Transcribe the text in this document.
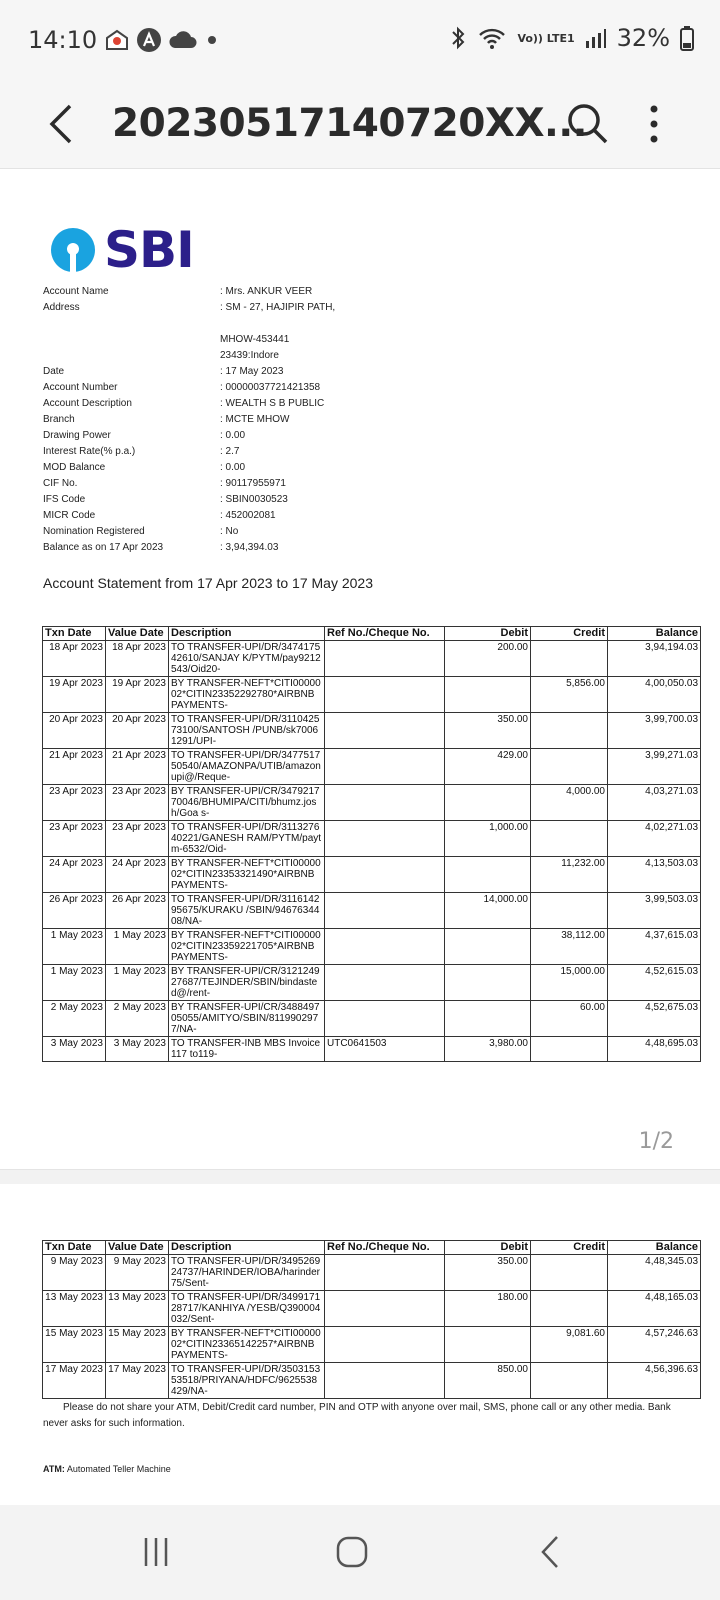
14:10	Vo)) LTE1 32%
20230517140720XX...
SBI
Account Name	: Mrs. ANKUR VEER
Address	: SM - 27, HAJIPIR PATH,
MHOW-453441
23439:Indore
Date	: 17 May 2023
Account Number	: 00000037721421358
Account Description	: WEALTH S B PUBLIC
Branch	: MCTE MHOW
Drawing Power	: 0.00
Interest Rate(% p.a.)	: 2.7
MOD Balance	: 0.00
CIF No.	: 90117955971
IFS Code	: SBIN0030523
MICR Code	: 452002081
Nomination Registered	: No
Balance as on 17 Apr 2023	: 3,94,394.03
Account Statement from 17 Apr 2023 to 17 May 2023
Txn Date	Value Date	Description	Ref No./Cheque No.	Debit	Credit	Balance
18 Apr 2023	18 Apr 2023	TO TRANSFER-UPI/DR/347417542610/SANJAY K/PYTM/pay9212543/Oid20-		200.00		3,94,194.03
19 Apr 2023	19 Apr 2023	BY TRANSFER-NEFT*CITI0000002*CITIN23352292780*AIRBNB PAYMENTS-			5,856.00	4,00,050.03
20 Apr 2023	20 Apr 2023	TO TRANSFER-UPI/DR/311042573100/SANTOSH /PUNB/sk70061291/UPI-		350.00		3,99,700.03
21 Apr 2023	21 Apr 2023	TO TRANSFER-UPI/DR/347751750540/AMAZONPA/UTIB/amazonupi@/Reque-		429.00		3,99,271.03
23 Apr 2023	23 Apr 2023	BY TRANSFER-UPI/CR/347921770046/BHUMIPA/CITI/bhumz.josh/Goa s-			4,000.00	4,03,271.03
23 Apr 2023	23 Apr 2023	TO TRANSFER-UPI/DR/311327640221/GANESH RAM/PYTM/paytm-6532/Oid-		1,000.00		4,02,271.03
24 Apr 2023	24 Apr 2023	BY TRANSFER-NEFT*CITI0000002*CITIN23353321490*AIRBNB PAYMENTS-			11,232.00	4,13,503.03
26 Apr 2023	26 Apr 2023	TO TRANSFER-UPI/DR/311614295675/KURAKU /SBIN/9467634408/NA-		14,000.00		3,99,503.03
1 May 2023	1 May 2023	BY TRANSFER-NEFT*CITI0000002*CITIN23359221705*AIRBNB PAYMENTS-			38,112.00	4,37,615.03
1 May 2023	1 May 2023	BY TRANSFER-UPI/CR/312124927687/TEJINDER/SBIN/bindasted@/rent-			15,000.00	4,52,615.03
2 May 2023	2 May 2023	BY TRANSFER-UPI/CR/348849705055/AMITYO/SBIN/8119902977/NA-			60.00	4,52,675.03
3 May 2023	3 May 2023	TO TRANSFER-INB MBS Invoice 117 to119-	UTC0641503	3,980.00		4,48,695.03
1/2
Txn Date	Value Date	Description	Ref No./Cheque No.	Debit	Credit	Balance
9 May 2023	9 May 2023	TO TRANSFER-UPI/DR/349526924737/HARINDER/IOBA/harinder75/Sent-		350.00		4,48,345.03
13 May 2023	13 May 2023	TO TRANSFER-UPI/DR/349917128717/KANHIYA /YESB/Q390004032/Sent-		180.00		4,48,165.03
15 May 2023	15 May 2023	BY TRANSFER-NEFT*CITI0000002*CITIN23365142257*AIRBNB PAYMENTS-			9,081.60	4,57,246.63
17 May 2023	17 May 2023	TO TRANSFER-UPI/DR/350315353518/PRIYANA/HDFC/9625538429/NA-		850.00		4,56,396.63
Please do not share your ATM, Debit/Credit card number, PIN and OTP with anyone over mail, SMS, phone call or any other media. Bank never asks for such information.
ATM: Automated Teller Machine
